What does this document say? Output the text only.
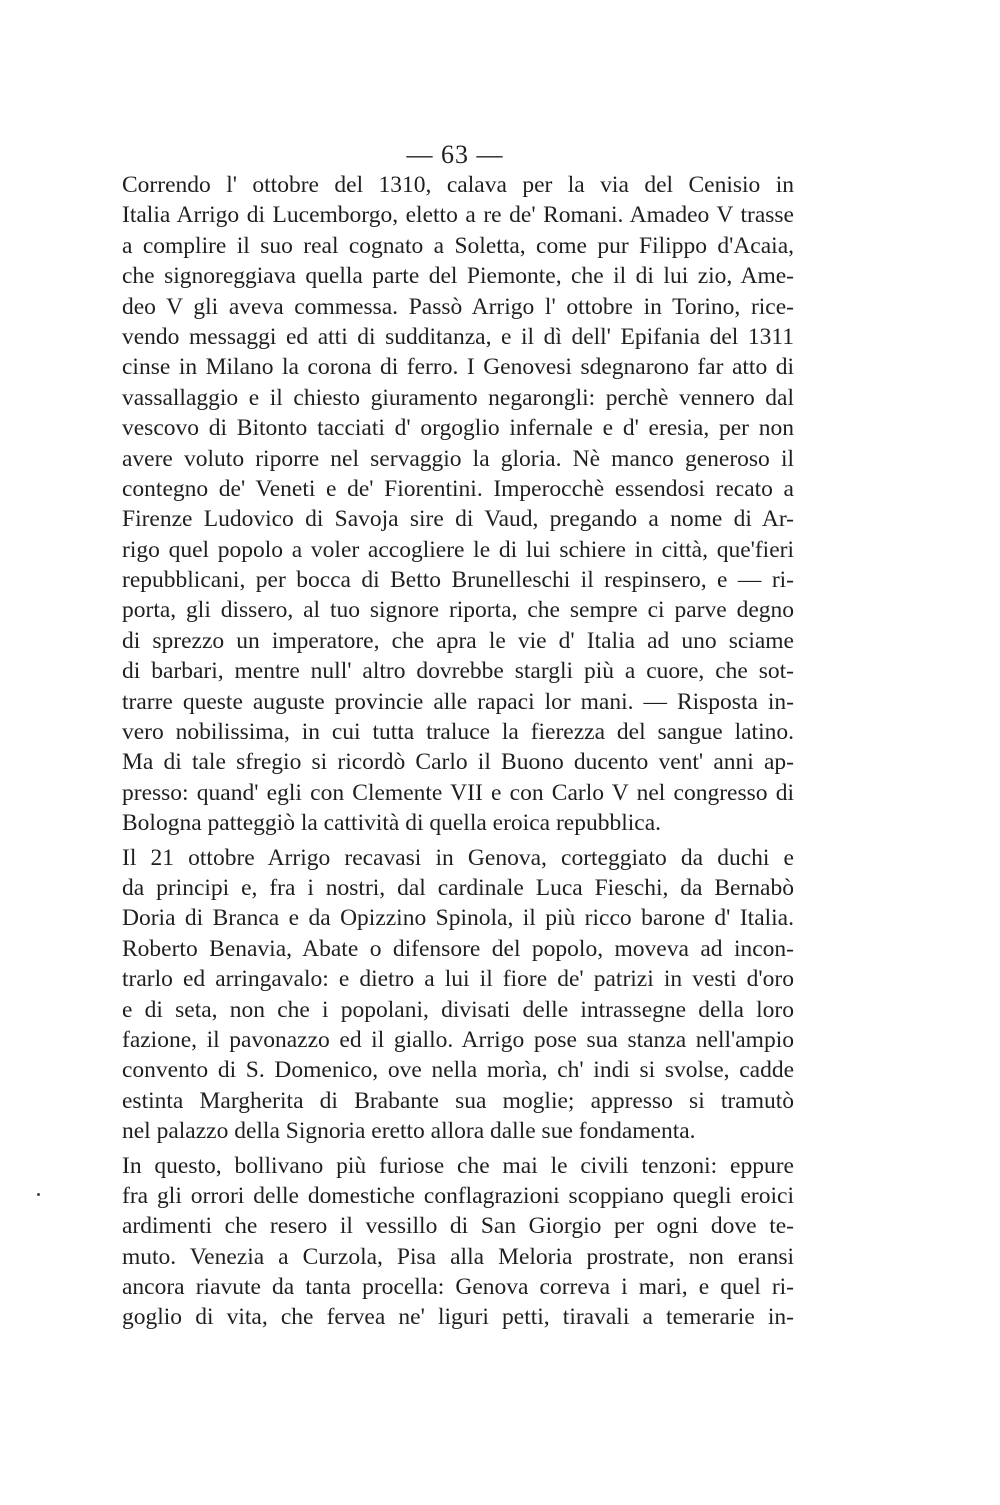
— 63 —
Correndo l' ottobre del 1310, calava per la via del Cenisio in
Italia Arrigo di Lucemborgo, eletto a re de' Romani. Amadeo V trasse
a complire il suo real cognato a Soletta, come pur Filippo d'Acaia,
che signoreggiava quella parte del Piemonte, che il di lui zio, Ame-
deo V gli aveva commessa. Passò Arrigo l' ottobre in Torino, rice-
vendo messaggi ed atti di sudditanza, e il dì dell' Epifania del 1311
cinse in Milano la corona di ferro. I Genovesi sdegnarono far atto di
vassallaggio e il chiesto giuramento negarongli: perchè vennero dal
vescovo di Bitonto tacciati d' orgoglio infernale e d' eresia, per non
avere voluto riporre nel servaggio la gloria. Nè manco generoso il
contegno de' Veneti e de' Fiorentini. Imperocchè essendosi recato a
Firenze Ludovico di Savoja sire di Vaud, pregando a nome di Ar-
rigo quel popolo a voler accogliere le di lui schiere in città, que'fieri
repubblicani, per bocca di Betto Brunelleschi il respinsero, e — ri-
porta, gli dissero, al tuo signore riporta, che sempre ci parve degno
di sprezzo un imperatore, che apra le vie d' Italia ad uno sciame
di barbari, mentre null' altro dovrebbe stargli più a cuore, che sot-
trarre queste auguste provincie alle rapaci lor mani. — Risposta in-
vero nobilissima, in cui tutta traluce la fierezza del sangue latino.
Ma di tale sfregio si ricordò Carlo il Buono ducento vent' anni ap-
presso: quand' egli con Clemente VII e con Carlo V nel congresso di
Bologna patteggiò la cattività di quella eroica repubblica.
Il 21 ottobre Arrigo recavasi in Genova, corteggiato da duchi e
da principi e, fra i nostri, dal cardinale Luca Fieschi, da Bernabò
Doria di Branca e da Opizzino Spinola, il più ricco barone d' Italia.
Roberto Benavia, Abate o difensore del popolo, moveva ad incon-
trarlo ed arringavalo: e dietro a lui il fiore de' patrizi in vesti d'oro
e di seta, non che i popolani, divisati delle intrassegne della loro
fazione, il pavonazzo ed il giallo. Arrigo pose sua stanza nell'ampio
convento di S. Domenico, ove nella morìa, ch' indi si svolse, cadde
estinta Margherita di Brabante sua moglie; appresso si tramutò
nel palazzo della Signoria eretto allora dalle sue fondamenta.
In questo, bollivano più furiose che mai le civili tenzoni: eppure
fra gli orrori delle domestiche conflagrazioni scoppiano quegli eroici
ardimenti che resero il vessillo di San Giorgio per ogni dove te-
muto. Venezia a Curzola, Pisa alla Meloria prostrate, non eransi
ancora riavute da tanta procella: Genova correva i mari, e quel ri-
goglio di vita, che fervea ne' liguri petti, tiravali a temerarie in-
